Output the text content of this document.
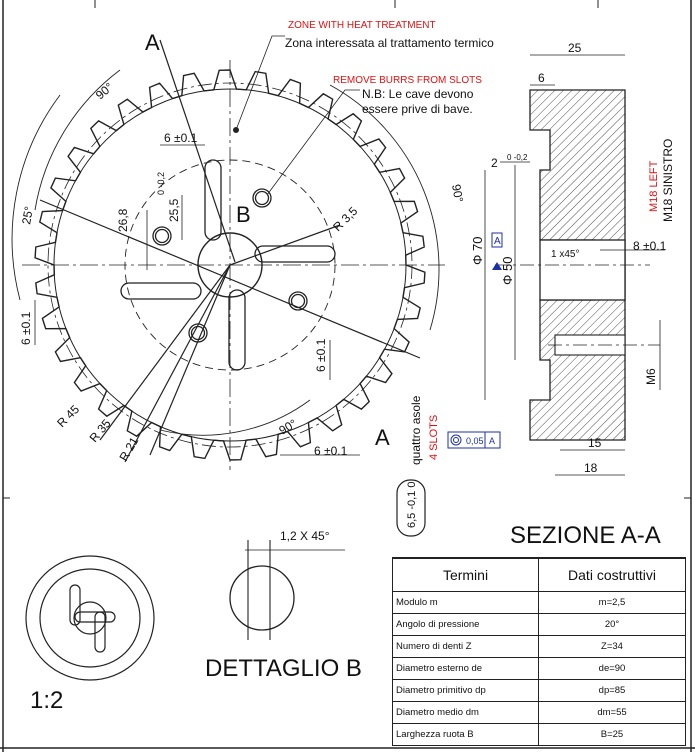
ZONE WITH HEAT TREATMENT
Zona interessata al trattamento termico
REMOVE BURRS FROM SLOTS
N.B: Le cave devono
essere prive di bave.
A
A
B
6 ±0.1
6 ±0.1
6 ±0.1
6 ±0.1
25,5
0 -0,2
26,8	R 3,5
R 45
R 35
R 21
90°
90°
25°
90°
quattro asole 4 SLOTS
6,5 -0,1 0
25
6
2 0 -0,2
Φ 70
Φ 50
1 x45°
8 ±0.1
15
18
M6
M18 SINISTRO
M18 LEFT
A
0,05 A
SEZIONE A-A
DETTAGLIO B
1,2 X 45°
1:2
Termini	Dati costruttivi
Modulo m	m=2,5
Angolo di pressione	20°
Numero di denti Z	Z=34
Diametro esterno de	de=90
Diametro primitivo dp	dp=85
Diametro medio dm	dm=55
Larghezza ruota B	B=25
